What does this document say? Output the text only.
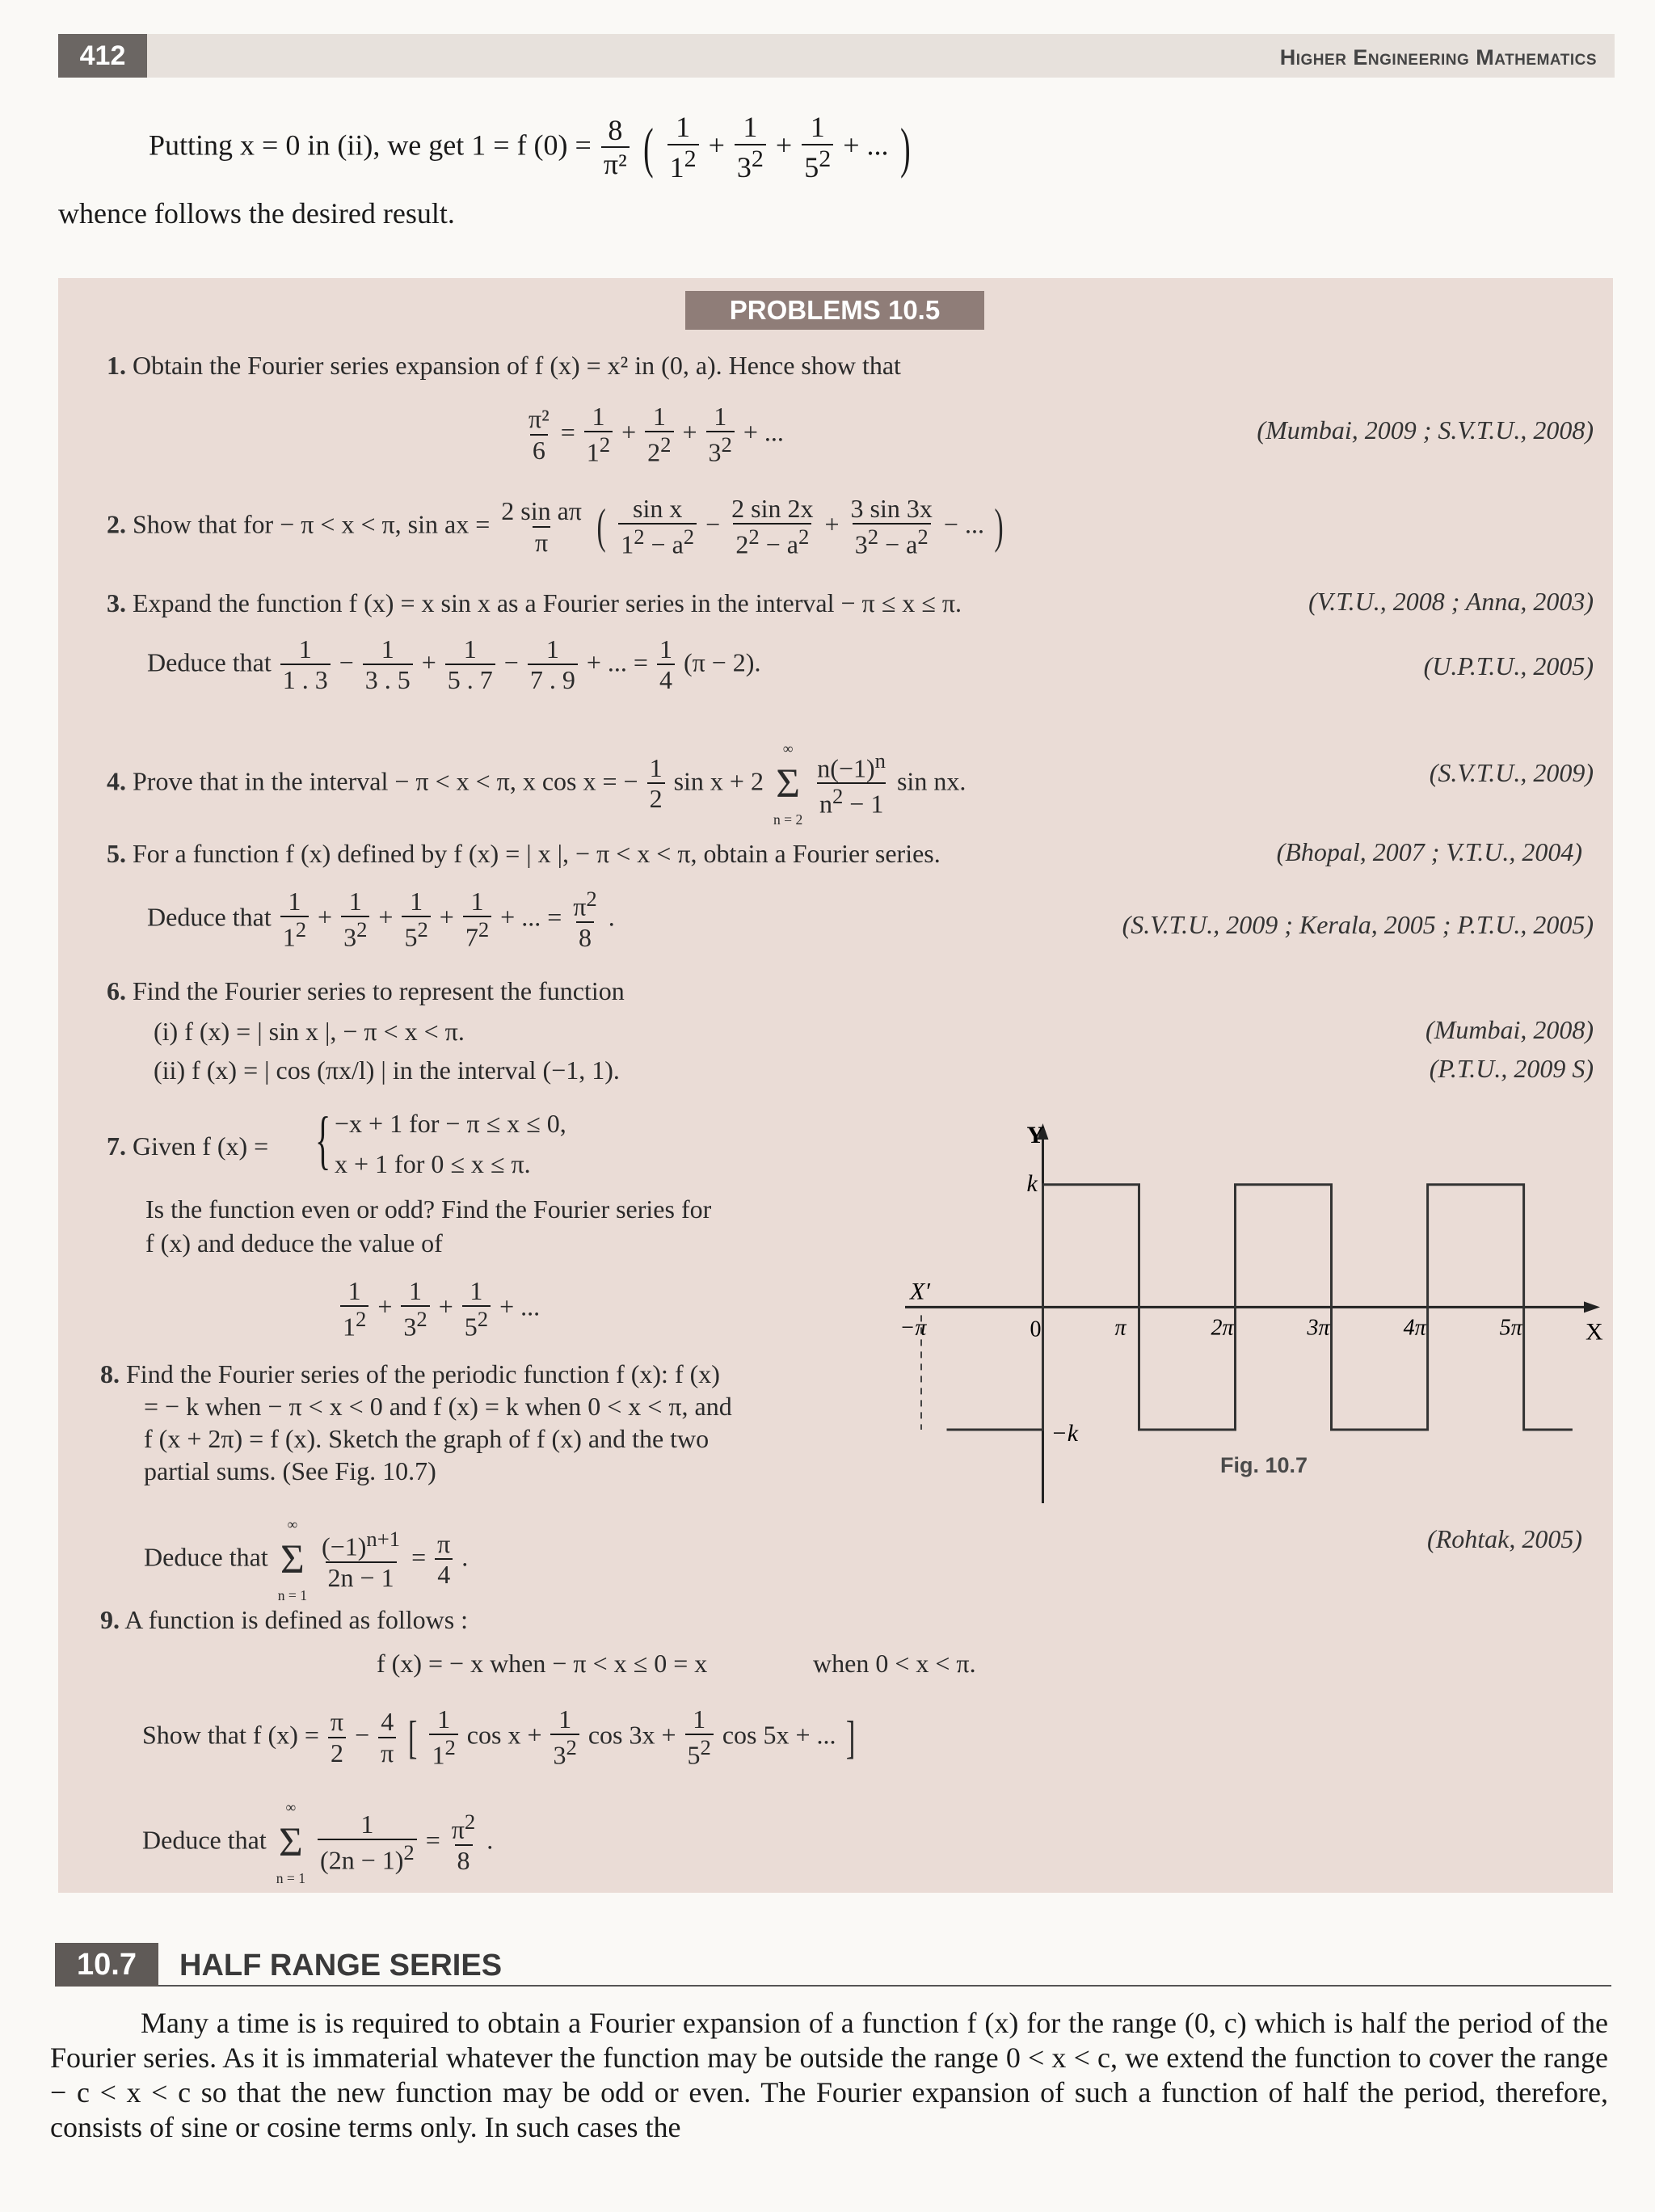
412	Higher Engineering Mathematics
Putting x = 0 in (ii), we get 1 = f $(0) = \frac{8}{\text{π²}}$ ( $\frac{1}{1^2} + \frac{1}{3^2} + \frac{1}{5^2}$ + ... )
whence follows the desired result.
PROBLEMS 10.5
1. Obtain the Fourier series expansion of f (x) = x² in (0, a). Hence show that
$\frac{\text{π²}}{6} = \frac{1}{1^2} + \frac{1}{2^2} + \frac{1}{3^2}$ + ...	(Mumbai, 2009 ; S.V.T.U., 2008)
2. Show that for − π < x < π, sin ax = $\frac{\text{2 sin aπ}}{\pi}$ ( $\frac{\text{sin x}}{1^2 - a^2} - \frac{2 \sin 2x}{2^2 - a^2} + \frac{3 \sin 3x}{3^2 - a^2}$ − ... )
3. Expand the function f (x) = x sin x as a Fourier series in the interval − π ≤ x ≤ π.	(V.T.U., 2008 ; Anna, 2003)
Deduce that $\frac{1}{1 . 3} - \frac{1}{3 . 5} + \frac{1}{5 . 7} - \frac{1}{7 . 9}$ + ... = $\frac{1}{4} (\pi - 2)$.	(U.P.T.U., 2005)
4. Prove that in the interval − π < x < π, x cos x = − $\frac{1}{2}$ sin x + 2
∞
Σ
n = 2

$\frac{n(-1)^n}{n^2 - 1}$ sin nx.	(S.V.T.U., 2009)
5. For a function f (x) defined by f (x) = | x |, − π < x < π, obtain a Fourier series.	(Bhopal, 2007 ; V.T.U., 2004)
Deduce that $\frac{1}{1^2} + \frac{1}{3^2} + \frac{1}{5^2} + \frac{1}{7^2}$ + ... = $\frac{\pi^2}{8}$ .	(S.V.T.U., 2009 ; Kerala, 2005 ; P.T.U., 2005)
6. Find the Fourier series to represent the function
(i) f (x) = | sin x |, − π < x < π.	(Mumbai, 2008)
(ii) f (x) = | cos (πx/l) | in the interval (−1, 1).	(P.T.U., 2009 S)
7. Given f (x) = { −x + 1 for − π ≤ x ≤ 0,
x + 1 for 0 ≤ x ≤ π.
Is the function even or odd? Find the Fourier series for
f (x) and deduce the value of
$\frac{1}{1^2} + \frac{1}{3^2} + \frac{1}{5^2}$ + ...
8. Find the Fourier series of the periodic function f (x): f (x)
= − k when − π < x < 0 and f (x) = k when 0 < x < π, and
f (x + 2π) = f (x). Sketch the graph of f (x) and the two
partial sums. (See Fig. 10.7)
Deduce that
∞
Σ
n = 1

$\frac{(-1)^{n+1}}{2n - 1} = \frac{\pi}{4}$ .
(Rohtak, 2005)
9. A function is defined as follows :
f (x) = − x when − π < x ≤ 0 = x	when 0 < x < π.
Show that f $(x) = \frac{\pi}{2} - \frac{4}{\pi}$ [ $\frac{1}{1^2}$ $\cos x + \frac{1}{3^2}$ $\cos 3x + \frac{1}{5^2}$ cos 5x + ... ]
Deduce that
∞
Σ
n = 1

$\frac{1}{(2n - 1)^2} = \frac{\pi^2}{8}$ .
−π	π	2π	3π	4π	5π
Y
X
X′
k
−k
0
Fig. 10.7
10.7	HALF RANGE SERIES
Many a time is is required to obtain a Fourier expansion of a function f (x) for the range (0, c) which is half the period of the Fourier series. As it is immaterial whatever the function may be outside the range 0 < x < c, we extend the function to cover the range − c < x < c so that the new function may be odd or even. The Fourier expansion of such a function of half the period, therefore, consists of sine or cosine terms only. In such cases the
